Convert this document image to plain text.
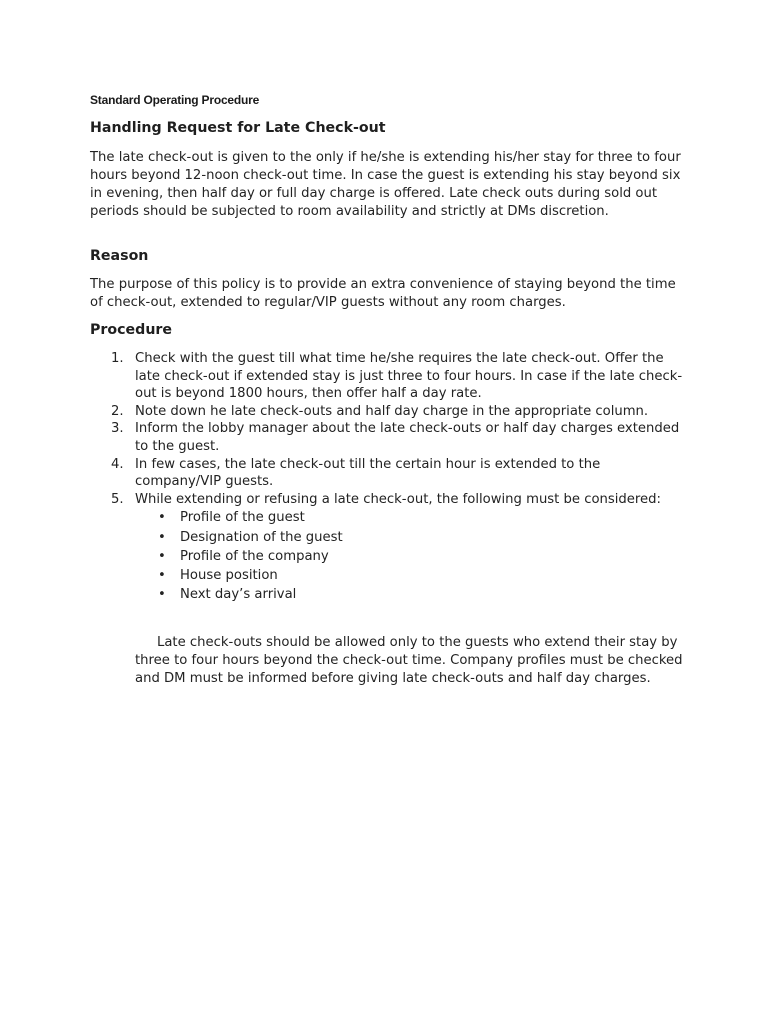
Standard Operating Procedure
Handling Request for Late Check-out

The late check-out is given to the only if he/she is extending his/her stay for three to four hours beyond 12-noon check-out time. In case the guest is extending his stay beyond six in evening, then half day or full day charge is offered. Late check outs during sold out periods should be subjected to room availability and strictly at DMs discretion.

Reason

The purpose of this policy is to provide an extra convenience of staying beyond the time of check-out, extended to regular/VIP guests without any room charges.

Procedure
1. Check with the guest till what time he/she requires the late check-out. Offer the late check-out if extended stay is just three to four hours. In case if the late check-out is beyond 1800 hours, then offer half a day rate.
2. Note down he late check-outs and half day charge in the appropriate column.
3. Inform the lobby manager about the late check-outs or half day charges extended to the guest.
4. In few cases, the late check-out till the certain hour is extended to the company/VIP guests.
5. While extending or refusing a late check-out, the following must be considered:
• Profile of the guest
• Designation of the guest
• Profile of the company
• House position
• Next day’s arrival

Late check-outs should be allowed only to the guests who extend their stay by three to four hours beyond the check-out time. Company profiles must be checked and DM must be informed before giving late check-outs and half day charges.
